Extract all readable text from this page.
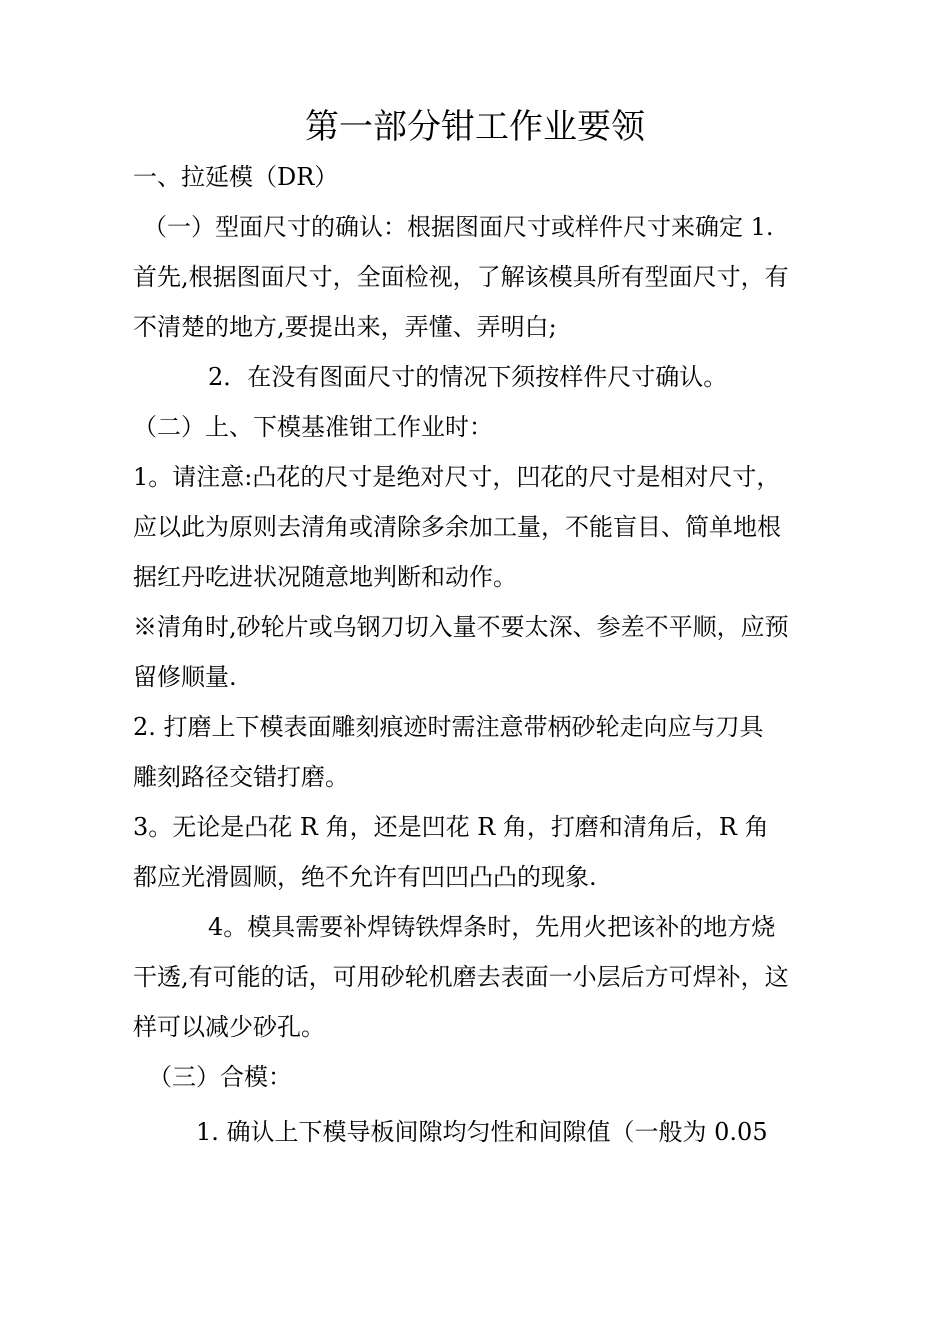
第一部分钳工作业要领
一、拉延模（DR）
（一）型面尺寸的确认：根据图面尺寸或样件尺寸来确定 1.
首先,根据图面尺寸，全面检视，了解该模具所有型面尺寸，有
不清楚的地方,要提出来，弄懂、弄明白;
2．在没有图面尺寸的情况下须按样件尺寸确认。
（二）上、下模基准钳工作业时：
1。请注意:凸花的尺寸是绝对尺寸，凹花的尺寸是相对尺寸，
应以此为原则去清角或清除多余加工量，不能盲目、简单地根
据红丹吃进状况随意地判断和动作。
※清角时,砂轮片或乌钢刀切入量不要太深、参差不平顺，应预
留修顺量.
2. 打磨上下模表面雕刻痕迹时需注意带柄砂轮走向应与刀具
雕刻路径交错打磨。
3。无论是凸花 R 角，还是凹花 R 角，打磨和清角后，R 角
都应光滑圆顺，绝不允许有凹凹凸凸的现象.
4。模具需要补焊铸铁焊条时，先用火把该补的地方烧
干透,有可能的话，可用砂轮机磨去表面一小层后方可焊补，这
样可以减少砂孔。
（三）合模：
1. 确认上下模导板间隙均匀性和间隙值（一般为 0.05
